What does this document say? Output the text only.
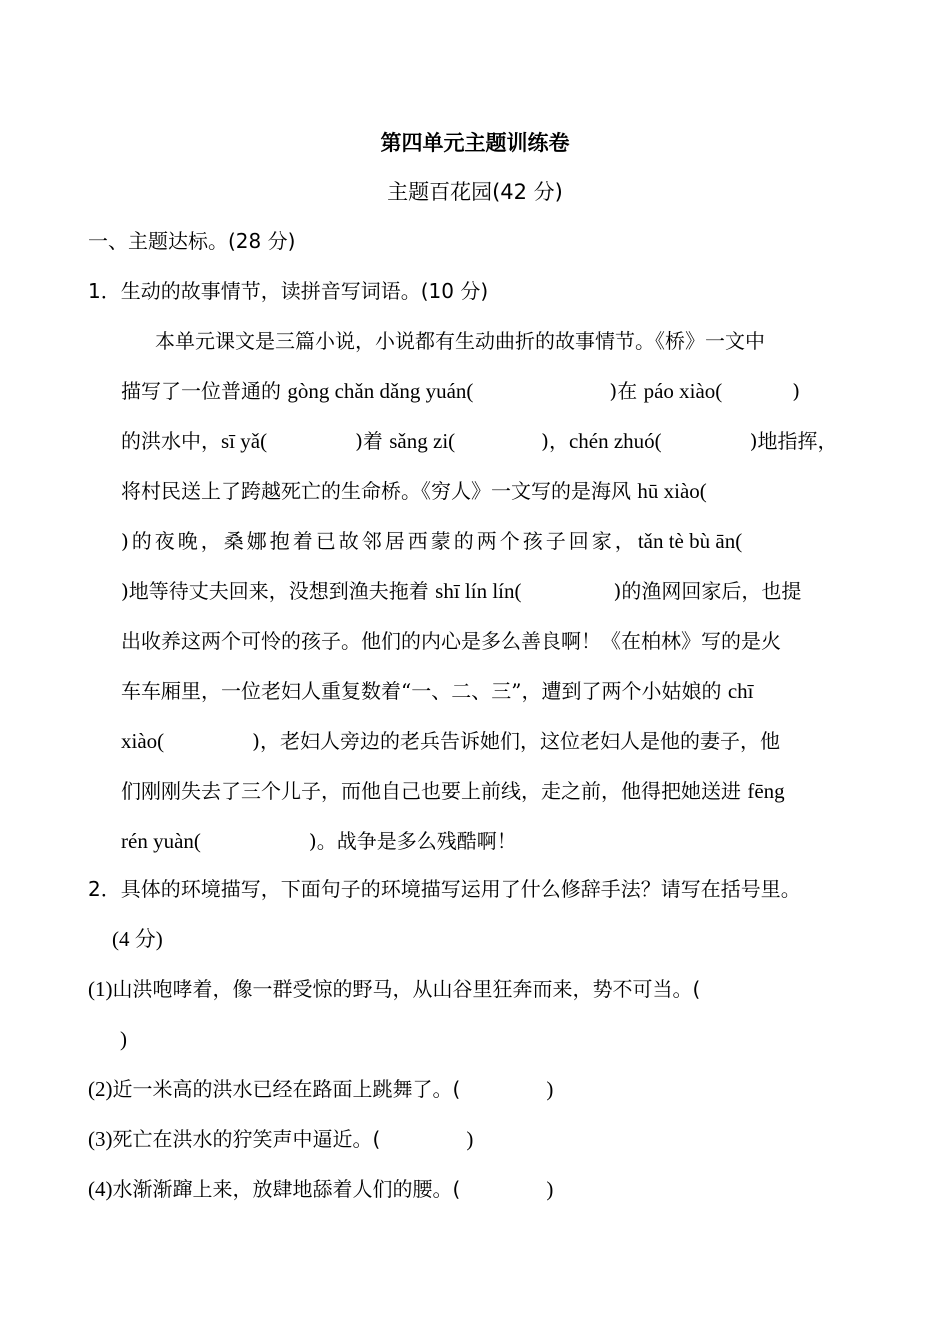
第四单元主题训练卷
主题百花园(42 分)
一、主题达标。(28 分)
1．生动的故事情节，读拼音写词语。(10 分)
本单元课文是三篇小说，小说都有生动曲折的故事情节。《桥》一文中
描写了一位普通的 gòng chǎn dǎng yuán(	)在 páo xiào(	)
的洪水中，sī yǎ(	)着 sǎng zi(	)，chén zhuó(	)地指挥，
将村民送上了跨越死亡的生命桥。《穷人》一文写的是海风 hū xiào(
)的夜晚，桑娜抱着已故邻居西蒙的两个孩子回家，tǎn tè bù ān(
)地等待丈夫回来，没想到渔夫拖着 shī lín lín(	)的渔网回家后，也提
出收养这两个可怜的孩子。他们的内心是多么善良啊！《在柏林》写的是火
车车厢里，一位老妇人重复数着“一、二、三”，遭到了两个小姑娘的 chī
xiào(	)，老妇人旁边的老兵告诉她们，这位老妇人是他的妻子，他
们刚刚失去了三个儿子，而他自己也要上前线，走之前，他得把她送进 fēng
rén yuàn(	)。战争是多么残酷啊！
2．具体的环境描写，下面句子的环境描写运用了什么修辞手法？请写在括号里。
(4 分)
(1)山洪咆哮着，像一群受惊的野马，从山谷里狂奔而来，势不可当。(
)
(2)近一米高的洪水已经在路面上跳舞了。(	)
(3)死亡在洪水的狞笑声中逼近。(	)
(4)水渐渐蹿上来，放肆地舔着人们的腰。(	)
